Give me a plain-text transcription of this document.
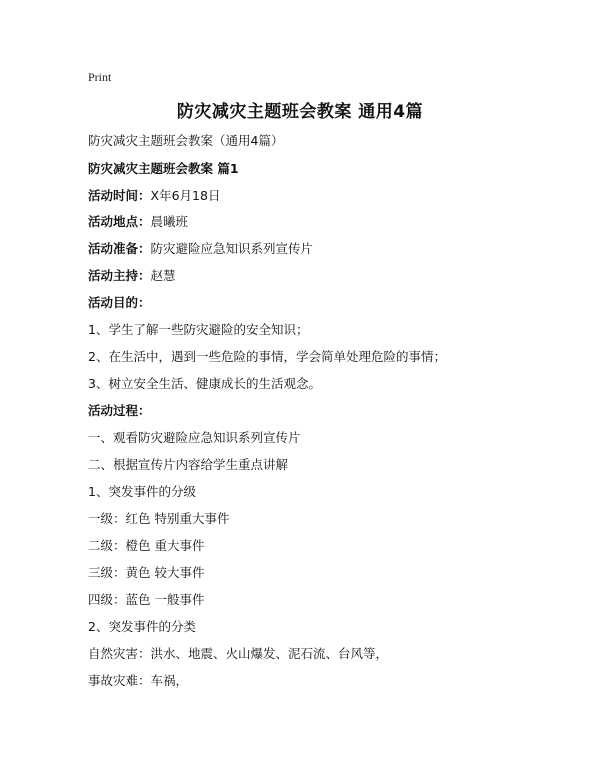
Print
防灾减灾主题班会教案 通用4篇
防灾减灾主题班会教案（通用4篇）
防灾减灾主题班会教案 篇1
活动时间：X年6月18日
活动地点：晨曦班
活动准备：防灾避险应急知识系列宣传片
活动主持：赵慧
活动目的：
1、学生了解一些防灾避险的安全知识；
2、在生活中，遇到一些危险的事情，学会简单处理危险的事情；
3、树立安全生活、健康成长的生活观念。
活动过程：
一、观看防灾避险应急知识系列宣传片
二、根据宣传片内容给学生重点讲解
1、突发事件的分级
一级：红色 特别重大事件
二级：橙色 重大事件
三级：黄色 较大事件
四级：蓝色 一般事件
2、突发事件的分类
自然灾害：洪水、地震、火山爆发、泥石流、台风等，
事故灾难：车祸，
